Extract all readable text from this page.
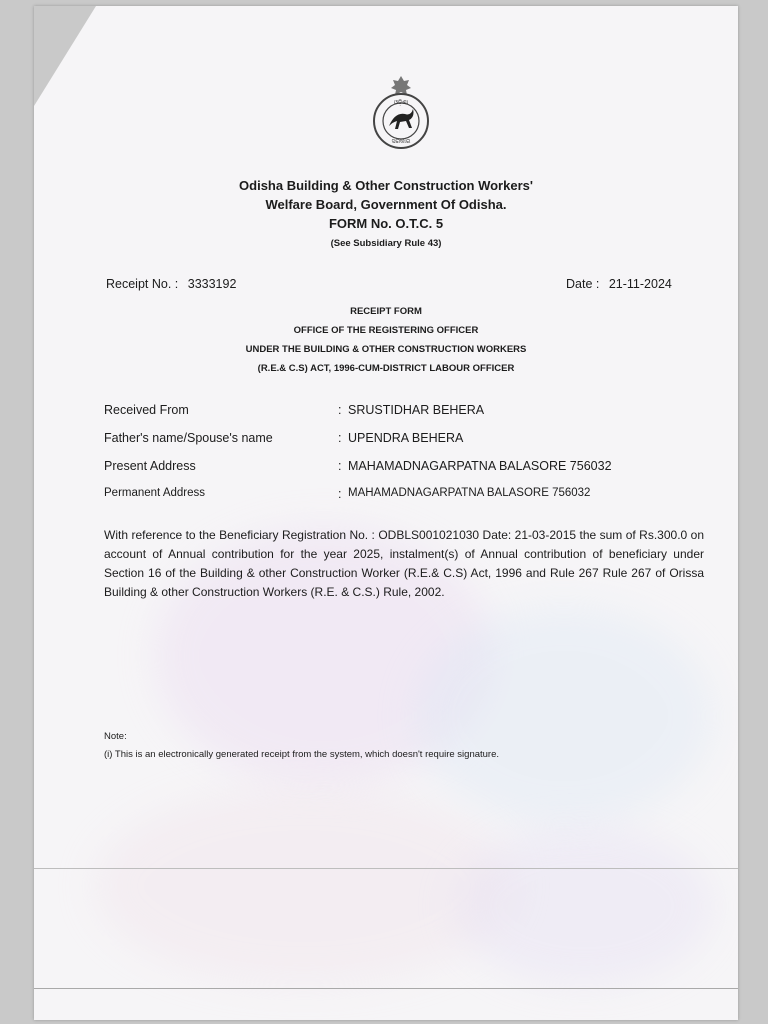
ଓଡ଼ିଶା
ସରକାର
Odisha Building & Other Construction Workers'
Welfare Board, Government Of Odisha.
FORM No. O.T.C. 5
(See Subsidiary Rule 43)
Receipt No. : 3333192	Date : 21-11-2024
RECEIPT FORM
OFFICE OF THE REGISTERING OFFICER
UNDER THE BUILDING & OTHER CONSTRUCTION WORKERS
(R.E.& C.S) ACT, 1996-CUM-DISTRICT LABOUR OFFICER
Received From	: SRUSTIDHAR BEHERA
Father's name/Spouse's name	: UPENDRA BEHERA
Present Address	: MAHAMADNAGARPATNA BALASORE 756032
Permanent Address	: MAHAMADNAGARPATNA BALASORE 756032
With reference to the Beneficiary Registration No. : ODBLS001021030 Date: 21-03-2015 the sum of Rs.300.0 on account of Annual contribution for the year 2025, instalment(s) of Annual contribution of beneficiary under Section 16 of the Building & other Construction Worker (R.E.& C.S) Act, 1996 and Rule 267 Rule 267 of Orissa Building & other Construction Workers (R.E. & C.S.) Rule, 2002.
Note:
(i) This is an electronically generated receipt from the system, which doesn't require signature.
